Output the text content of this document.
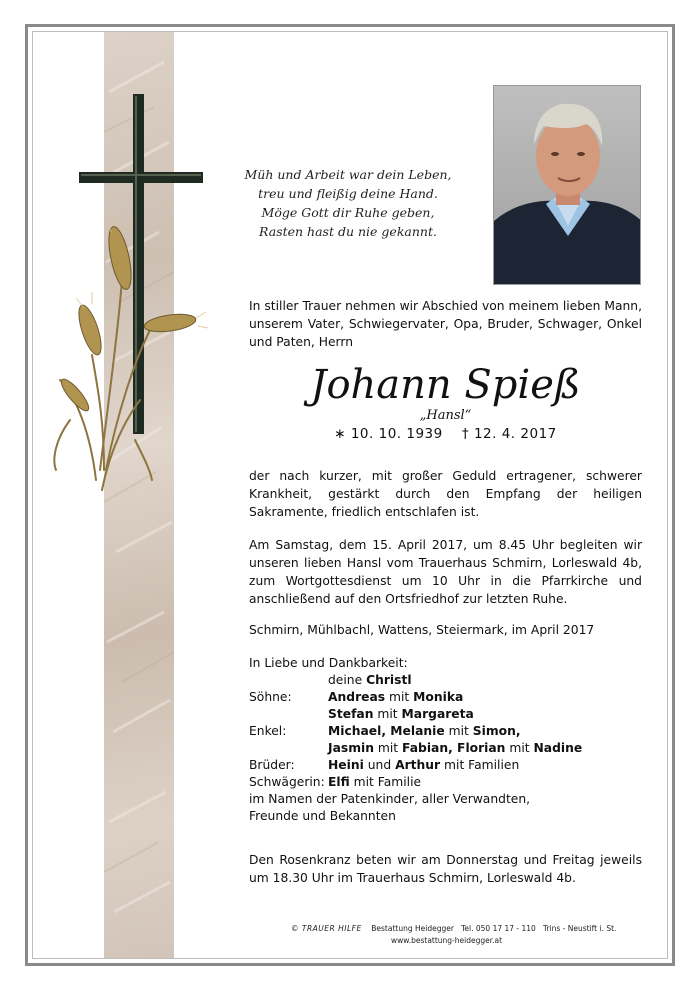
Müh und Arbeit war dein Leben,
treu und fleißig deine Hand.
Möge Gott dir Ruhe geben,
Rasten hast du nie gekannt.
In stiller Trauer nehmen wir Abschied von meinem lieben Mann, unserem Vater, Schwiegervater, Opa, Bruder, Schwager, Onkel und Paten, Herrn
Johann Spieß
„Hansl“
∗ 10. 10. 1939 † 12. 4. 2017
der nach kurzer, mit großer Geduld ertragener, schwerer Krankheit, gestärkt durch den Empfang der heiligen Sakramente, friedlich entschlafen ist.
Am Samstag, dem 15. April 2017, um 8.45 Uhr begleiten wir unseren lieben Hansl vom Trauerhaus Schmirn, Lorleswald 4b, zum Wortgottesdienst um 10 Uhr in die Pfarrkirche und anschließend auf den Ortsfriedhof zur letzten Ruhe.
Schmirn, Mühlbachl, Wattens, Steiermark, im April 2017
In Liebe und Dankbarkeit:
deine Christl
Söhne:	Andreas mit Monika
Stefan mit Margareta
Enkel:	Michael, Melanie mit Simon,
Jasmin mit Fabian, Florian mit Nadine
Brüder:	Heini und Arthur mit Familien
Schwägerin: Elfi mit Familie
im Namen der Patenkinder, aller Verwandten,
Freunde und Bekannten
Den Rosenkranz beten wir am Donnerstag und Freitag jeweils um 18.30 Uhr im Trauerhaus Schmirn, Lorleswald 4b.
© TRAUER HILFE Bestattung Heidegger Tel. 050 17 17 - 110 Trins - Neustift i. St.
www.bestattung-heidegger.at
